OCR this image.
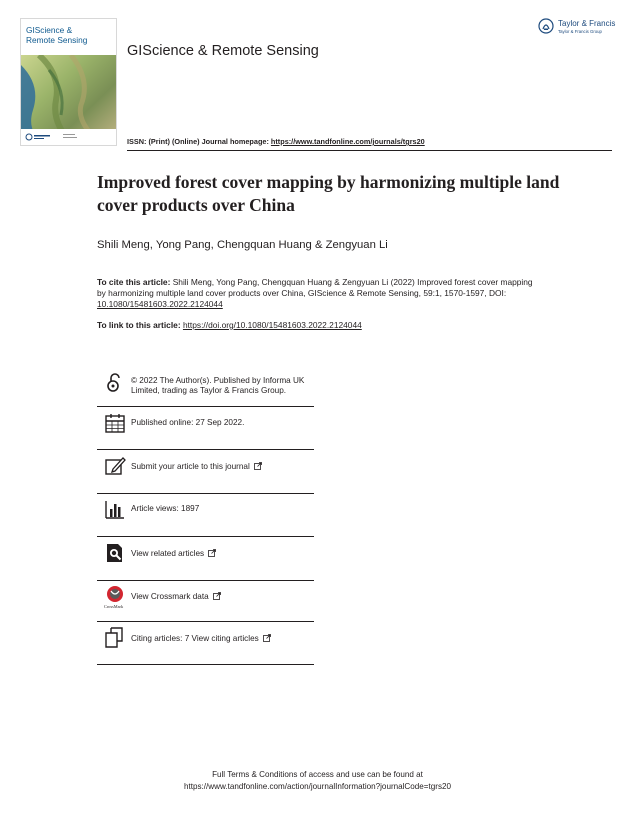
GIScience &
Remote Sensing
GIScience & Remote Sensing
Taylor & Francis
Taylor & Francis Group
ISSN: (Print) (Online) Journal homepage: https://www.tandfonline.com/journals/tgrs20
Improved forest cover mapping by harmonizing multiple land cover products over China
Shili Meng, Yong Pang, Chengquan Huang & Zengyuan Li
To cite this article: Shili Meng, Yong Pang, Chengquan Huang & Zengyuan Li (2022) Improved forest cover mapping by harmonizing multiple land cover products over China, GIScience & Remote Sensing, 59:1, 1570-1597, DOI: 10.1080/15481603.2022.2124044
To link to this article: https://doi.org/10.1080/15481603.2022.2124044
© 2022 The Author(s). Published by Informa UK Limited, trading as Taylor & Francis Group.
Published online: 27 Sep 2022.
Submit your article to this journal
Article views: 1897
View related articles
CrossMark
View Crossmark data
Citing articles: 7 View citing articles
Full Terms & Conditions of access and use can be found at
https://www.tandfonline.com/action/journalInformation?journalCode=tgrs20
